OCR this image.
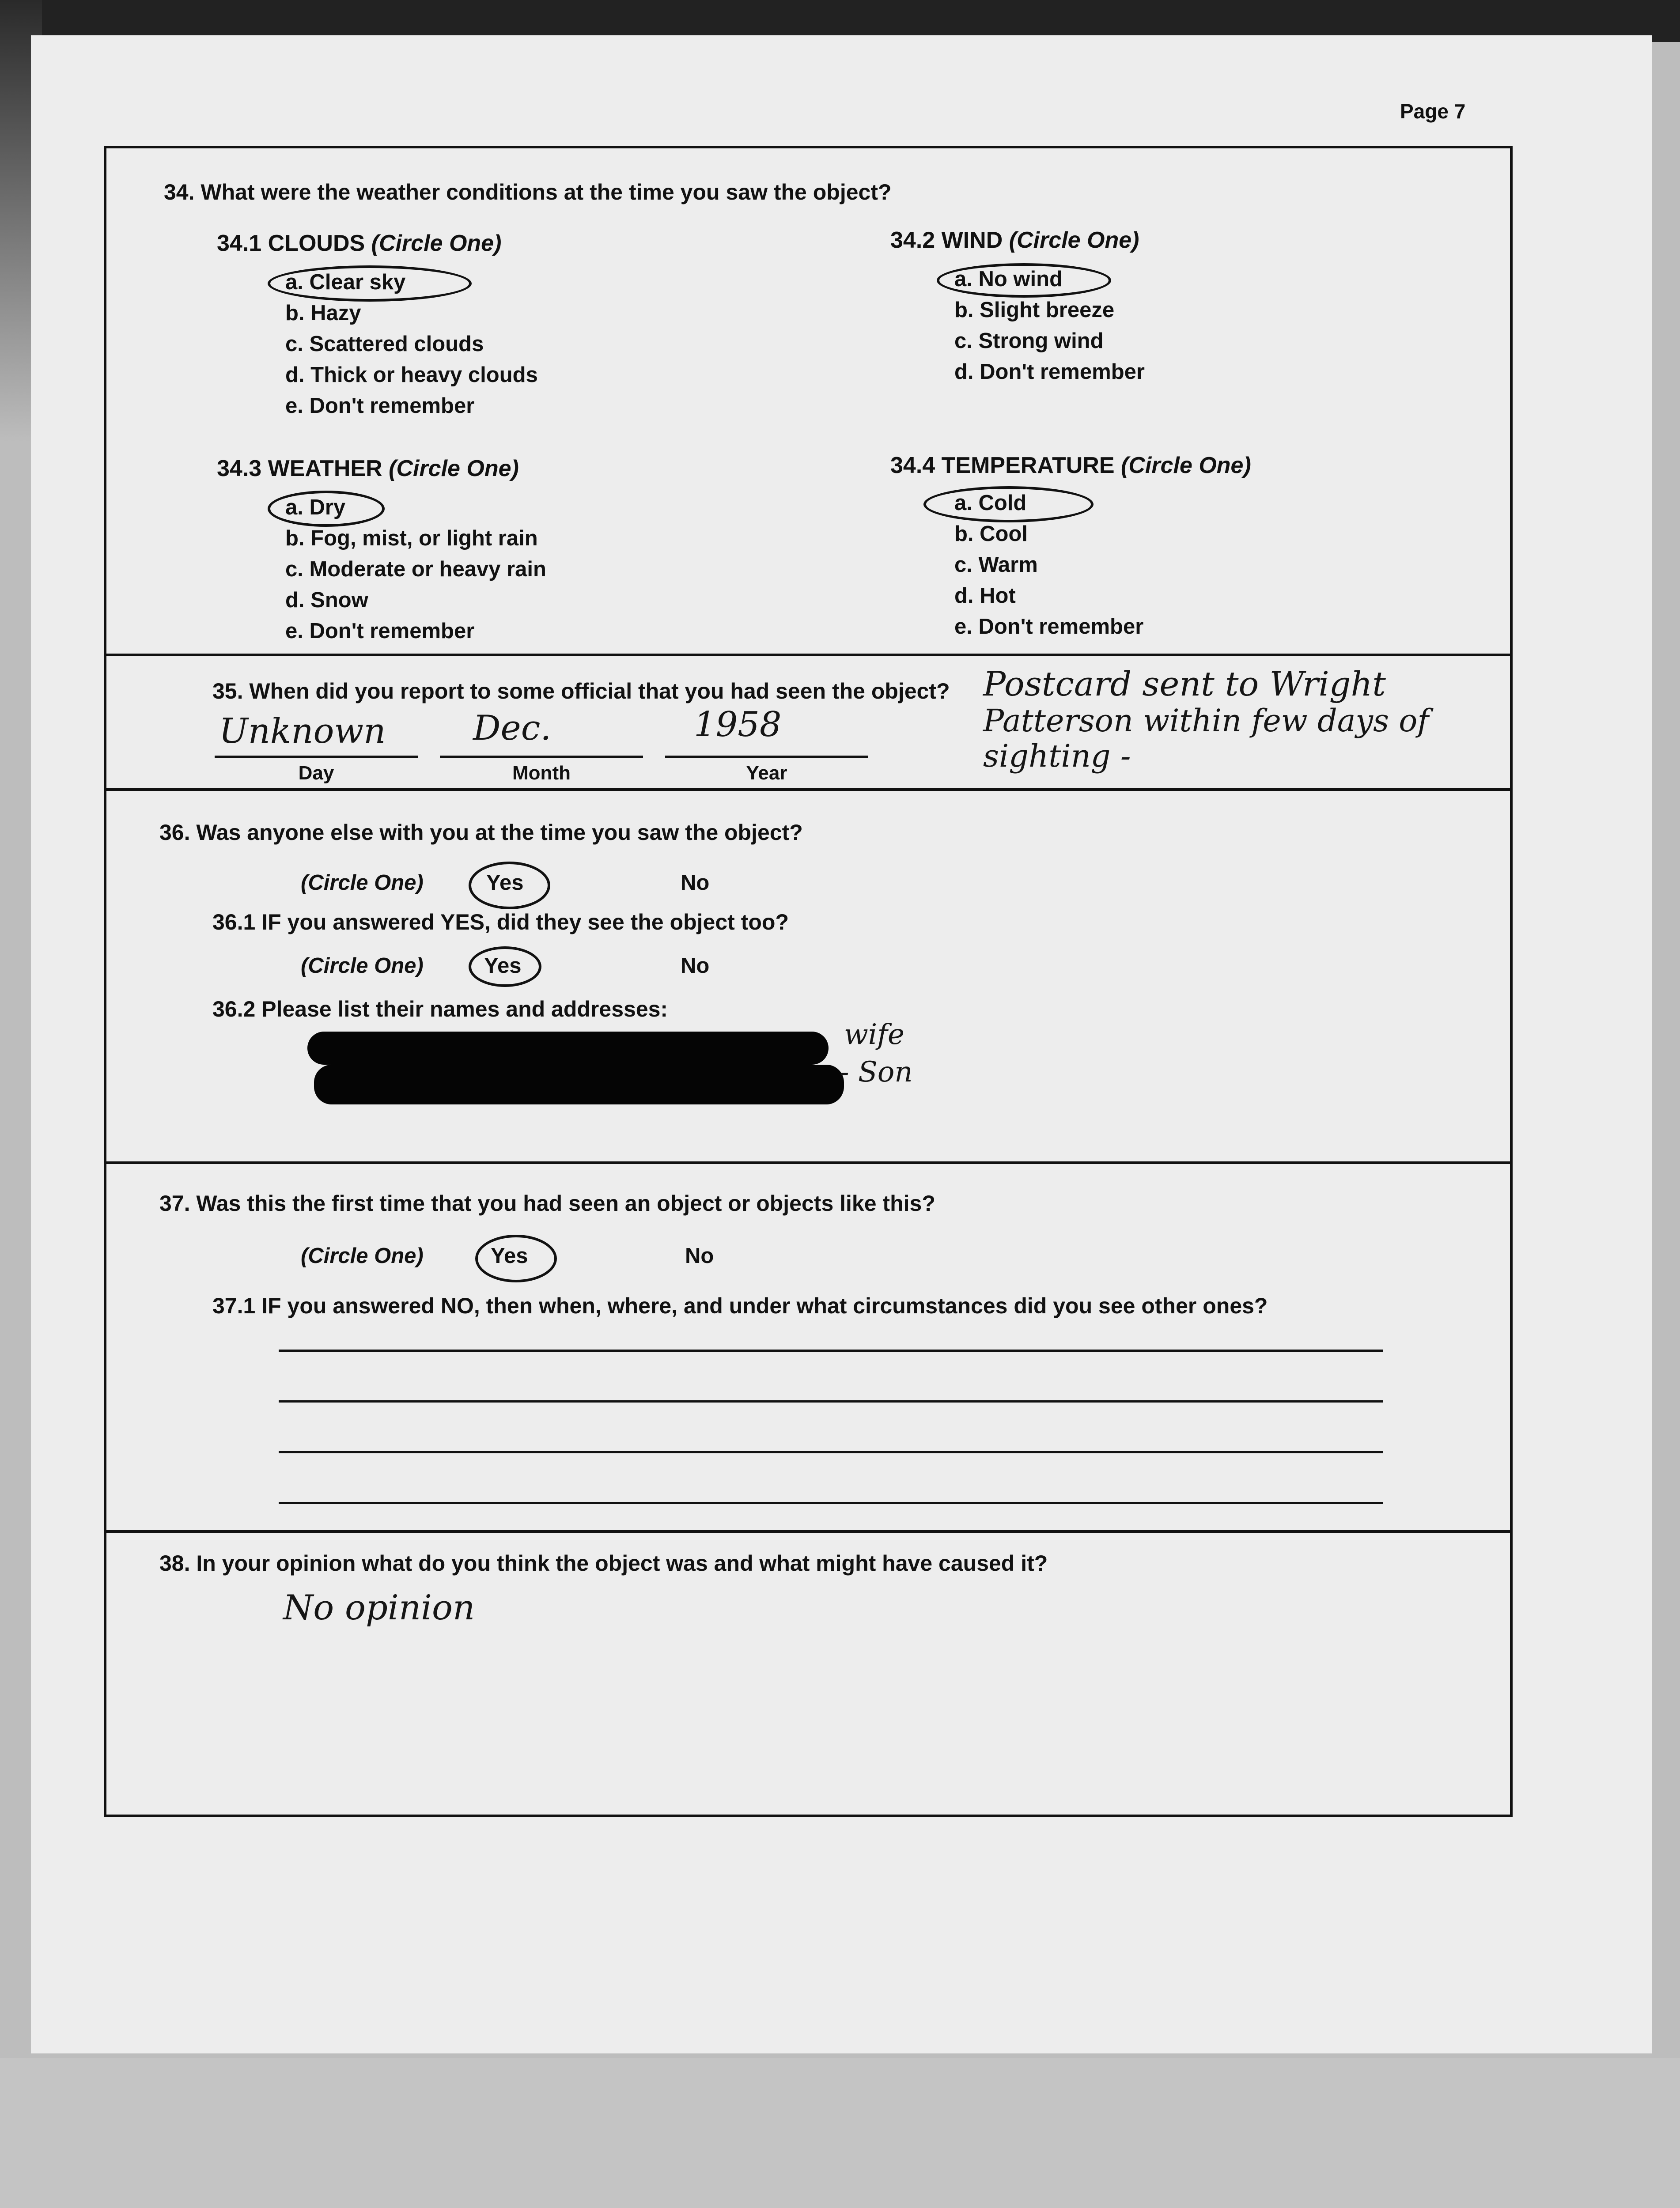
Page 7
34. What were the weather conditions at the time you saw the object?
34.1 CLOUDS (Circle One)
a. Clear sky
b. Hazy
c. Scattered clouds
d. Thick or heavy clouds
e. Don't remember
34.2 WIND (Circle One)
a. No wind
b. Slight breeze
c. Strong wind
d. Don't remember
34.3 WEATHER (Circle One)
a. Dry
b. Fog, mist, or light rain
c. Moderate or heavy rain
d. Snow
e. Don't remember
34.4 TEMPERATURE (Circle One)
a. Cold
b. Cool
c. Warm
d. Hot
e. Don't remember
35. When did you report to some official that you had seen the object?
Unknown	Dec.	1958
Day	Month	Year
Postcard sent to Wright
Patterson within few days of
sighting -
36. Was anyone else with you at the time you saw the object?
(Circle One)	Yes	No
36.1 IF you answered YES, did they see the object too?
(Circle One)	Yes	No
36.2 Please list their names and addresses:
wife
- Son
37. Was this the first time that you had seen an object or objects like this?
(Circle One)	Yes	No
37.1 IF you answered NO, then when, where, and under what circumstances did you see other ones?
38. In your opinion what do you think the object was and what might have caused it?
No opinion
